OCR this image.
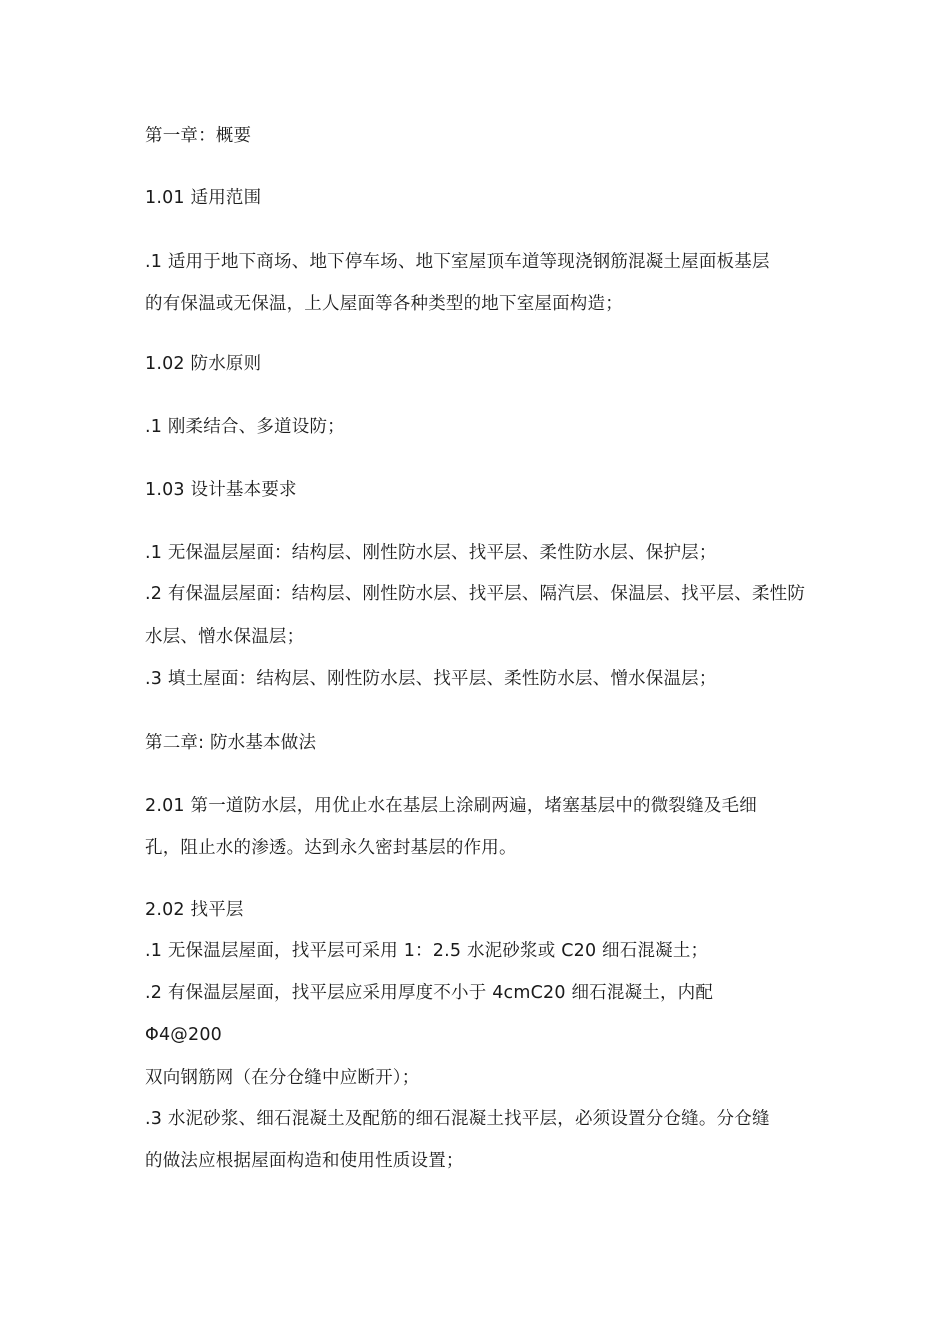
第一章：概要
1.01 适用范围
.1 适用于地下商场、地下停车场、地下室屋顶车道等现浇钢筋混凝土屋面板基层
的有保温或无保温，上人屋面等各种类型的地下室屋面构造；
1.02 防水原则
.1 刚柔结合、多道设防；
1.03 设计基本要求
.1 无保温层屋面：结构层、刚性防水层、找平层、柔性防水层、保护层；
.2 有保温层屋面：结构层、刚性防水层、找平层、隔汽层、保温层、找平层、柔性防
水层、憎水保温层；
.3 填土屋面：结构层、刚性防水层、找平层、柔性防水层、憎水保温层；
第二章: 防水基本做法
2.01 第一道防水层，用优止水在基层上涂刷两遍，堵塞基层中的微裂缝及毛细
孔，阻止水的渗透。达到永久密封基层的作用。
2.02 找平层
.1 无保温层屋面，找平层可采用 1：2.5 水泥砂浆或 C20 细石混凝土；
.2 有保温层屋面，找平层应采用厚度不小于 4cmC20 细石混凝土，内配
Φ4@200
双向钢筋网（在分仓缝中应断开）；
.3 水泥砂浆、细石混凝土及配筋的细石混凝土找平层，必须设置分仓缝。分仓缝
的做法应根据屋面构造和使用性质设置；
